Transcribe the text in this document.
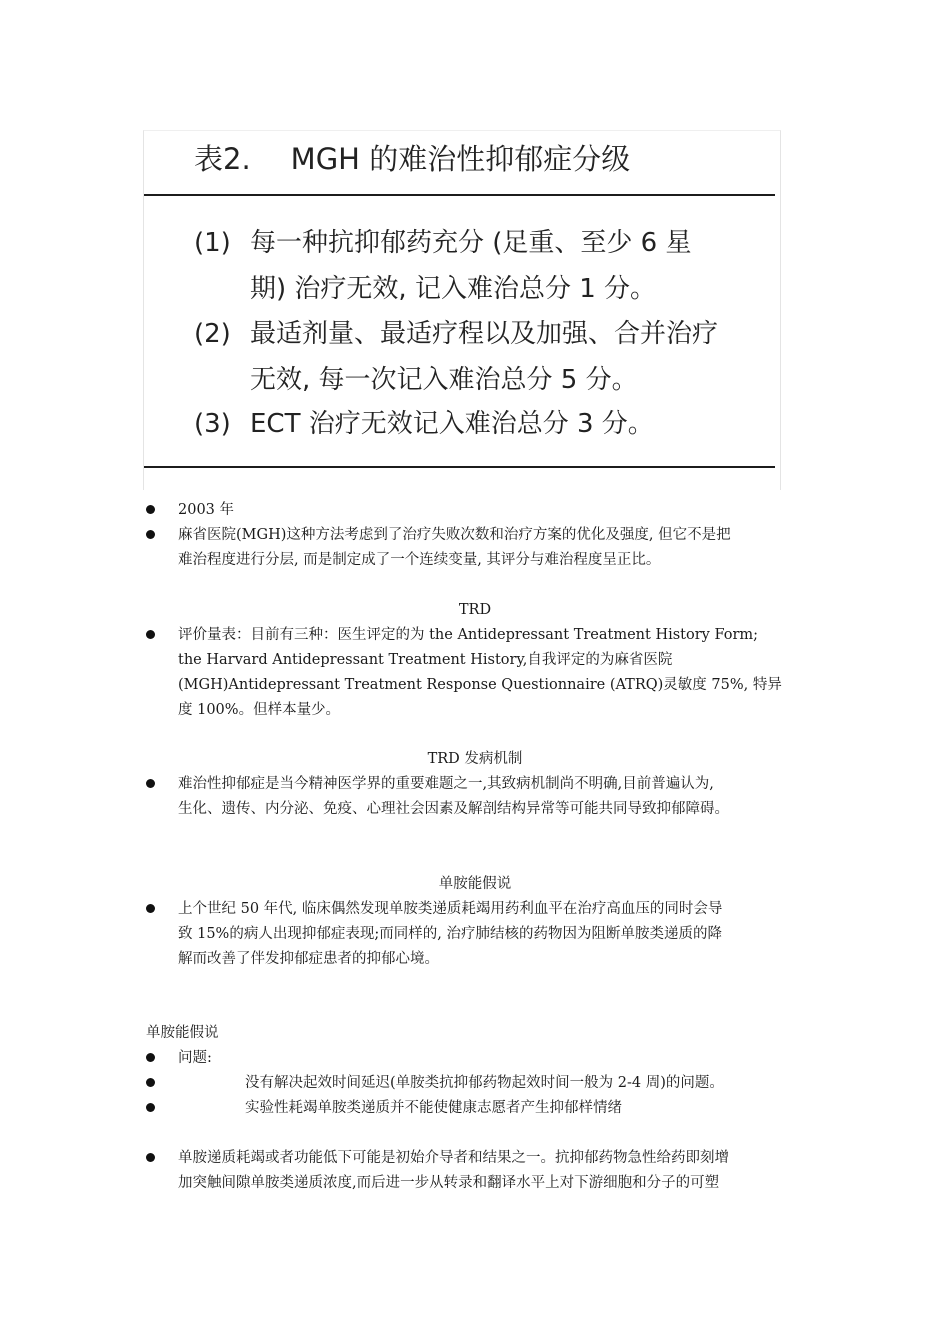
表2. MGH 的难治性抑郁症分级
(1) 每一种抗抑郁药充分 (足重、至少 6 星
期) 治疗无效, 记入难治总分 1 分。
(2) 最适剂量、最适疗程以及加强、合并治疗
无效, 每一次记入难治总分 5 分。
(3) ECT 治疗无效记入难治总分 3 分。
2003 年
麻省医院(MGH)这种方法考虑到了治疗失败次数和治疗方案的优化及强度, 但它不是把
难治程度进行分层, 而是制定成了一个连续变量, 其评分与难治程度呈正比。
TRD
评价量表：目前有三种：医生评定的为 the Antidepressant Treatment History Form;
the Harvard Antidepressant Treatment History,自我评定的为麻省医院
(MGH)Antidepressant Treatment Response Questionnaire (ATRQ)灵敏度 75%, 特异
度 100%。但样本量少。
TRD 发病机制
难治性抑郁症是当今精神医学界的重要难题之一,其致病机制尚不明确,目前普遍认为,
生化、遗传、内分泌、免疫、心理社会因素及解剖结构异常等可能共同导致抑郁障碍。
单胺能假说
上个世纪 50 年代, 临床偶然发现单胺类递质耗竭用药利血平在治疗高血压的同时会导
致 15%的病人出现抑郁症表现;而同样的, 治疗肺结核的药物因为阻断单胺类递质的降
解而改善了伴发抑郁症患者的抑郁心境。
单胺能假说
问题:
没有解决起效时间延迟(单胺类抗抑郁药物起效时间一般为 2-4 周)的问题。
实验性耗竭单胺类递质并不能使健康志愿者产生抑郁样情绪
单胺递质耗竭或者功能低下可能是初始介导者和结果之一。抗抑郁药物急性给药即刻增
加突触间隙单胺类递质浓度,而后进一步从转录和翻译水平上对下游细胞和分子的可塑
